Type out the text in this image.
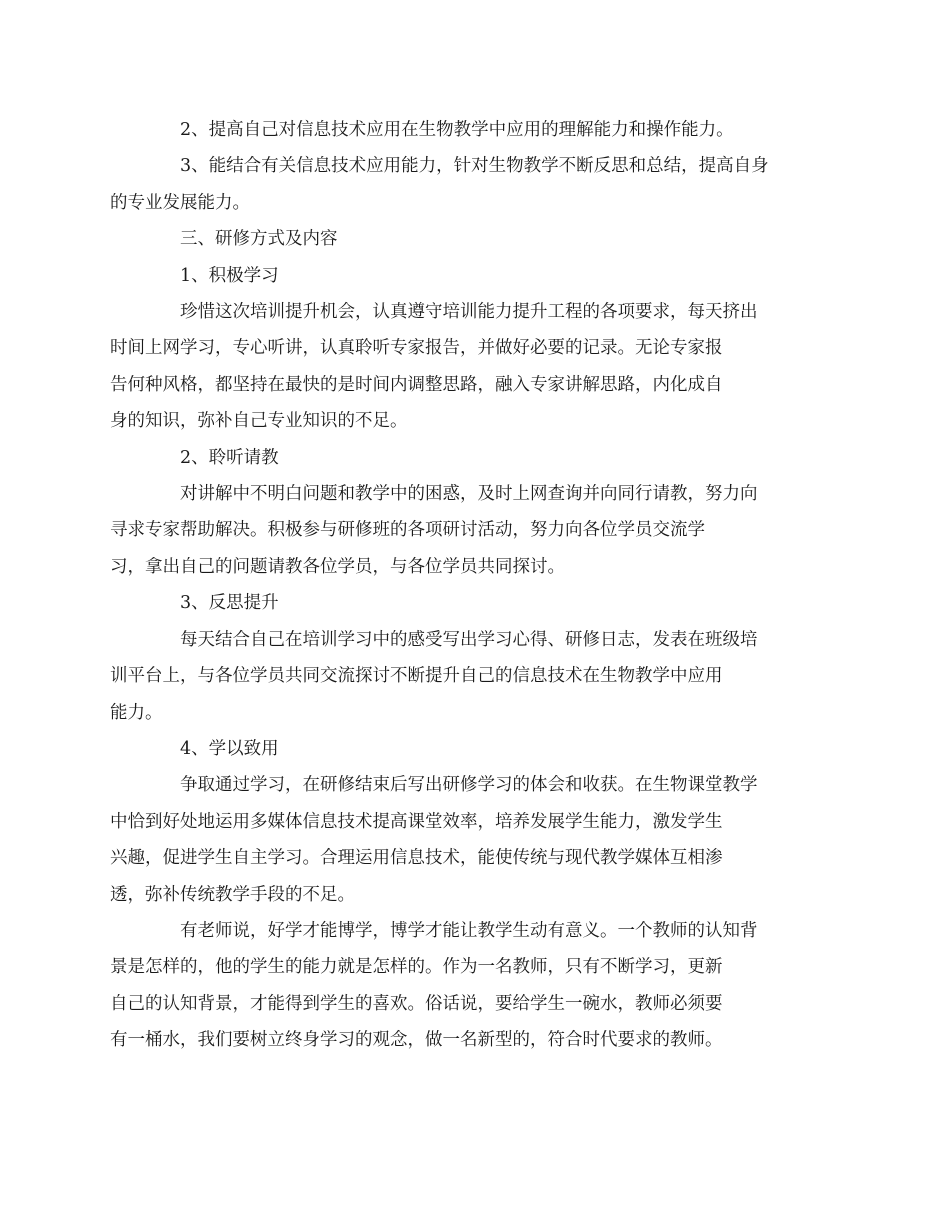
2、提高自己对信息技术应用在生物教学中应用的理解能力和操作能力。

3、能结合有关信息技术应用能力，针对生物教学不断反思和总结，提高自身
的专业发展能力。

三、研修方式及内容

1、积极学习

珍惜这次培训提升机会，认真遵守培训能力提升工程的各项要求，每天挤出
时间上网学习，专心听讲，认真聆听专家报告，并做好必要的记录。无论专家报
告何种风格，都坚持在最快的是时间内调整思路，融入专家讲解思路，内化成自
身的知识，弥补自己专业知识的不足。

2、聆听请教

对讲解中不明白问题和教学中的困惑，及时上网查询并向同行请教，努力向
寻求专家帮助解决。积极参与研修班的各项研讨活动，努力向各位学员交流学
习，拿出自己的问题请教各位学员，与各位学员共同探讨。

3、反思提升

每天结合自己在培训学习中的感受写出学习心得、研修日志，发表在班级培
训平台上，与各位学员共同交流探讨不断提升自己的信息技术在生物教学中应用
能力。

4、学以致用

争取通过学习，在研修结束后写出研修学习的体会和收获。在生物课堂教学
中恰到好处地运用多媒体信息技术提高课堂效率，培养发展学生能力，激发学生
兴趣，促进学生自主学习。合理运用信息技术，能使传统与现代教学媒体互相渗
透，弥补传统教学手段的不足。

有老师说，好学才能博学，博学才能让教学生动有意义。一个教师的认知背
景是怎样的，他的学生的能力就是怎样的。作为一名教师，只有不断学习，更新
自己的认知背景，才能得到学生的喜欢。俗话说，要给学生一碗水，教师必须要
有一桶水，我们要树立终身学习的观念，做一名新型的，符合时代要求的教师。
